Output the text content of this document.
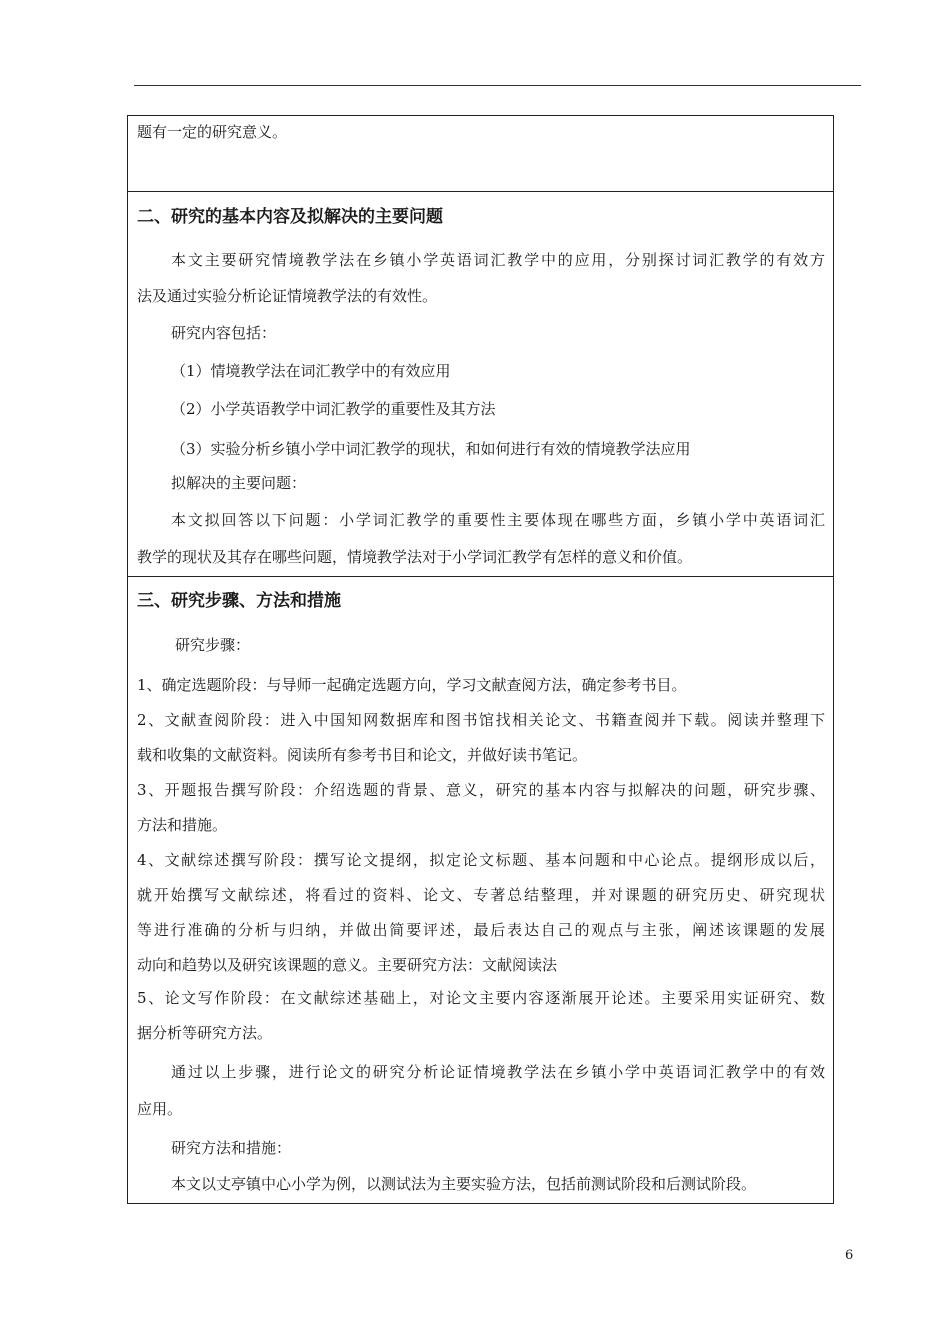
题有一定的研究意义。
二、研究的基本内容及拟解决的主要问题
本文主要研究情境教学法在乡镇小学英语词汇教学中的应用，分别探讨词汇教学的有效方
法及通过实验分析论证情境教学法的有效性。
研究内容包括：
（1）情境教学法在词汇教学中的有效应用
（2）小学英语教学中词汇教学的重要性及其方法
（3）实验分析乡镇小学中词汇教学的现状，和如何进行有效的情境教学法应用
拟解决的主要问题：
本文拟回答以下问题：小学词汇教学的重要性主要体现在哪些方面，乡镇小学中英语词汇
教学的现状及其存在哪些问题，情境教学法对于小学词汇教学有怎样的意义和价值。
三、研究步骤、方法和措施
研究步骤：
1、确定选题阶段：与导师一起确定选题方向，学习文献查阅方法，确定参考书目。
2、文献查阅阶段：进入中国知网数据库和图书馆找相关论文、书籍查阅并下载。阅读并整理下
载和收集的文献资料。阅读所有参考书目和论文，并做好读书笔记。
3、开题报告撰写阶段：介绍选题的背景、意义，研究的基本内容与拟解决的问题，研究步骤、
方法和措施。
4、文献综述撰写阶段：撰写论文提纲，拟定论文标题、基本问题和中心论点。提纲形成以后，
就开始撰写文献综述，将看过的资料、论文、专著总结整理，并对课题的研究历史、研究现状
等进行准确的分析与归纳，并做出简要评述，最后表达自己的观点与主张，阐述该课题的发展
动向和趋势以及研究该课题的意义。主要研究方法：文献阅读法
5、论文写作阶段：在文献综述基础上，对论文主要内容逐渐展开论述。主要采用实证研究、数
据分析等研究方法。
通过以上步骤，进行论文的研究分析论证情境教学法在乡镇小学中英语词汇教学中的有效
应用。
研究方法和措施：
本文以丈亭镇中心小学为例，以测试法为主要实验方法，包括前测试阶段和后测试阶段。
6
